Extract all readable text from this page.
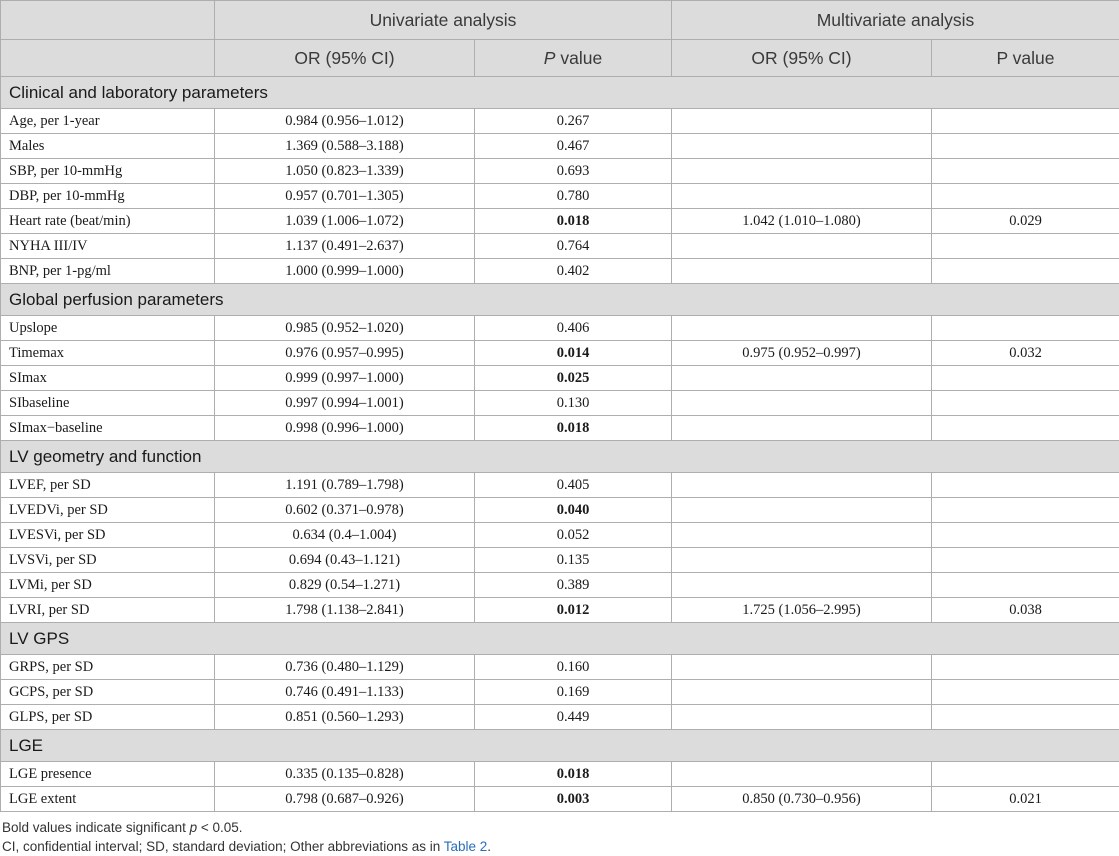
	Univariate analysis		Multivariate analysis	
	OR (95% CI)	P value	OR (95% CI)	P value
Clinical and laboratory parameters				
Age, per 1-year	0.984 (0.956–1.012)	0.267		
Males	1.369 (0.588–3.188)	0.467		
SBP, per 10-mmHg	1.050 (0.823–1.339)	0.693		
DBP, per 10-mmHg	0.957 (0.701–1.305)	0.780		
Heart rate (beat/min)	1.039 (1.006–1.072)	0.018	1.042 (1.010–1.080)	0.029
NYHA III/IV	1.137 (0.491–2.637)	0.764		
BNP, per 1-pg/ml	1.000 (0.999–1.000)	0.402		
Global perfusion parameters				
Upslope	0.985 (0.952–1.020)	0.406		
Timemax	0.976 (0.957–0.995)	0.014	0.975 (0.952–0.997)	0.032
SImax	0.999 (0.997–1.000)	0.025		
SIbaseline	0.997 (0.994–1.001)	0.130		
SImax−baseline	0.998 (0.996–1.000)	0.018		
LV geometry and function				
LVEF, per SD	1.191 (0.789–1.798)	0.405		
LVEDVi, per SD	0.602 (0.371–0.978)	0.040		
LVESVi, per SD	0.634 (0.4–1.004)	0.052		
LVSVi, per SD	0.694 (0.43–1.121)	0.135		
LVMi, per SD	0.829 (0.54–1.271)	0.389		
LVRI, per SD	1.798 (1.138–2.841)	0.012	1.725 (1.056–2.995)	0.038
LV GPS				
GRPS, per SD	0.736 (0.480–1.129)	0.160		
GCPS, per SD	0.746 (0.491–1.133)	0.169		
GLPS, per SD	0.851 (0.560–1.293)	0.449		
LGE				
LGE presence	0.335 (0.135–0.828)	0.018		
LGE extent	0.798 (0.687–0.926)	0.003	0.850 (0.730–0.956)	0.021
Bold values indicate significant p < 0.05.
CI, confidential interval; SD, standard deviation; Other abbreviations as in Table 2.
